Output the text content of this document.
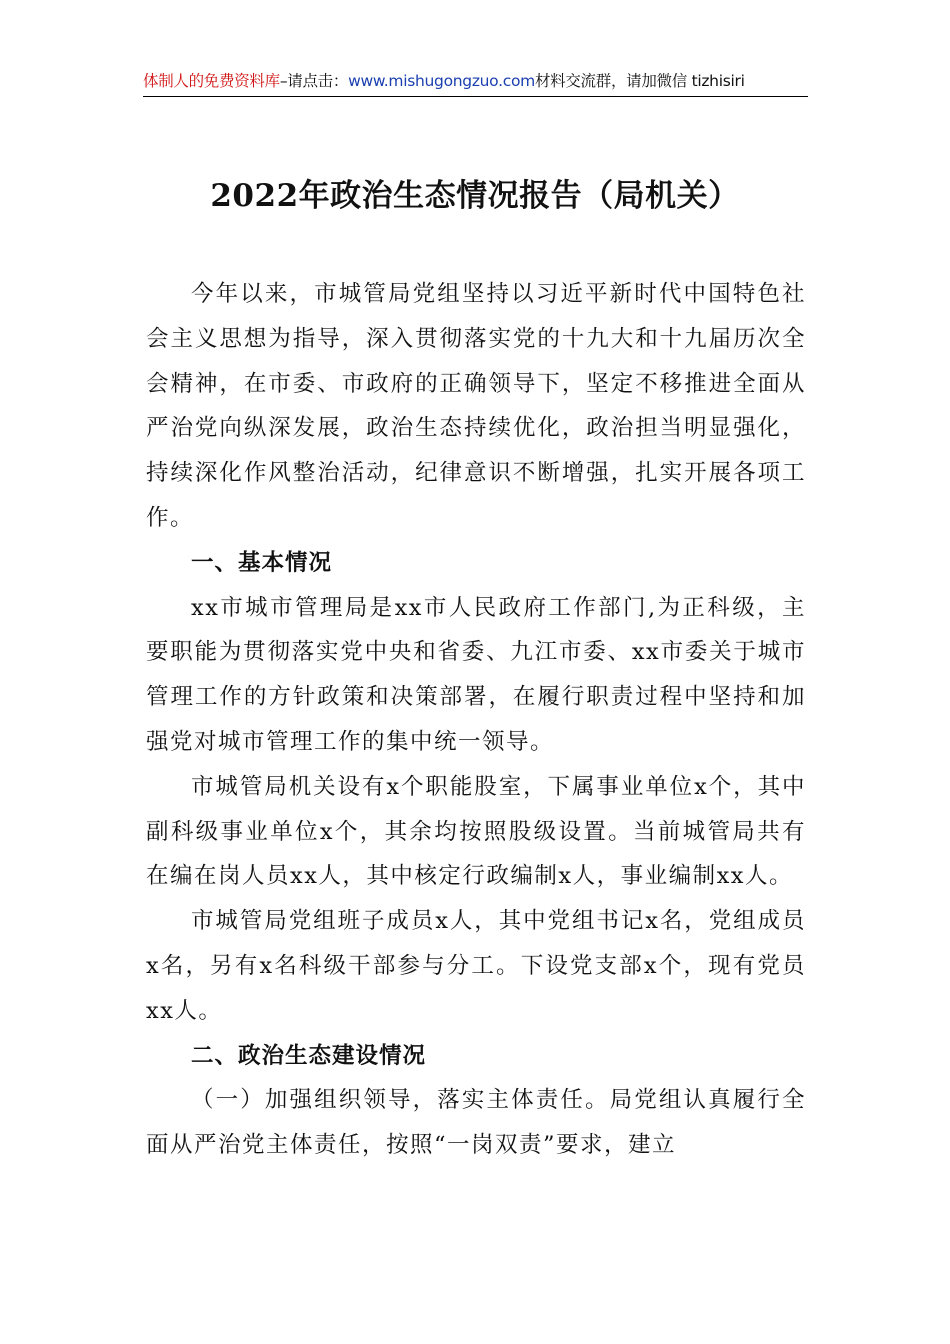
体制人的免费资料库–请点击：www.mishugongzuo.com材料交流群，请加微信 tizhisiri
2022年政治生态情况报告（局机关）

今年以来，市城管局党组坚持以习近平新时代中国特色社会主义思想为指导，深入贯彻落实党的十九大和十九届历次全会精神，在市委、市政府的正确领导下，坚定不移推进全面从严治党向纵深发展，政治生态持续优化，政治担当明显强化，持续深化作风整治活动，纪律意识不断增强，扎实开展各项工作。

一、基本情况

xx市城市管理局是xx市人民政府工作部门,为正科级，主要职能为贯彻落实党中央和省委、九江市委、xx市委关于城市管理工作的方针政策和决策部署，在履行职责过程中坚持和加强党对城市管理工作的集中统一领导。

市城管局机关设有x个职能股室，下属事业单位x个，其中副科级事业单位x个，其余均按照股级设置。当前城管局共有在编在岗人员xx人，其中核定行政编制x人，事业编制xx人。

市城管局党组班子成员x人，其中党组书记x名，党组成员x名，另有x名科级干部参与分工。下设党支部x个，现有党员xx人。

二、政治生态建设情况

（一）加强组织领导，落实主体责任。局党组认真履行全面从严治党主体责任，按照“一岗双责”要求，建立
